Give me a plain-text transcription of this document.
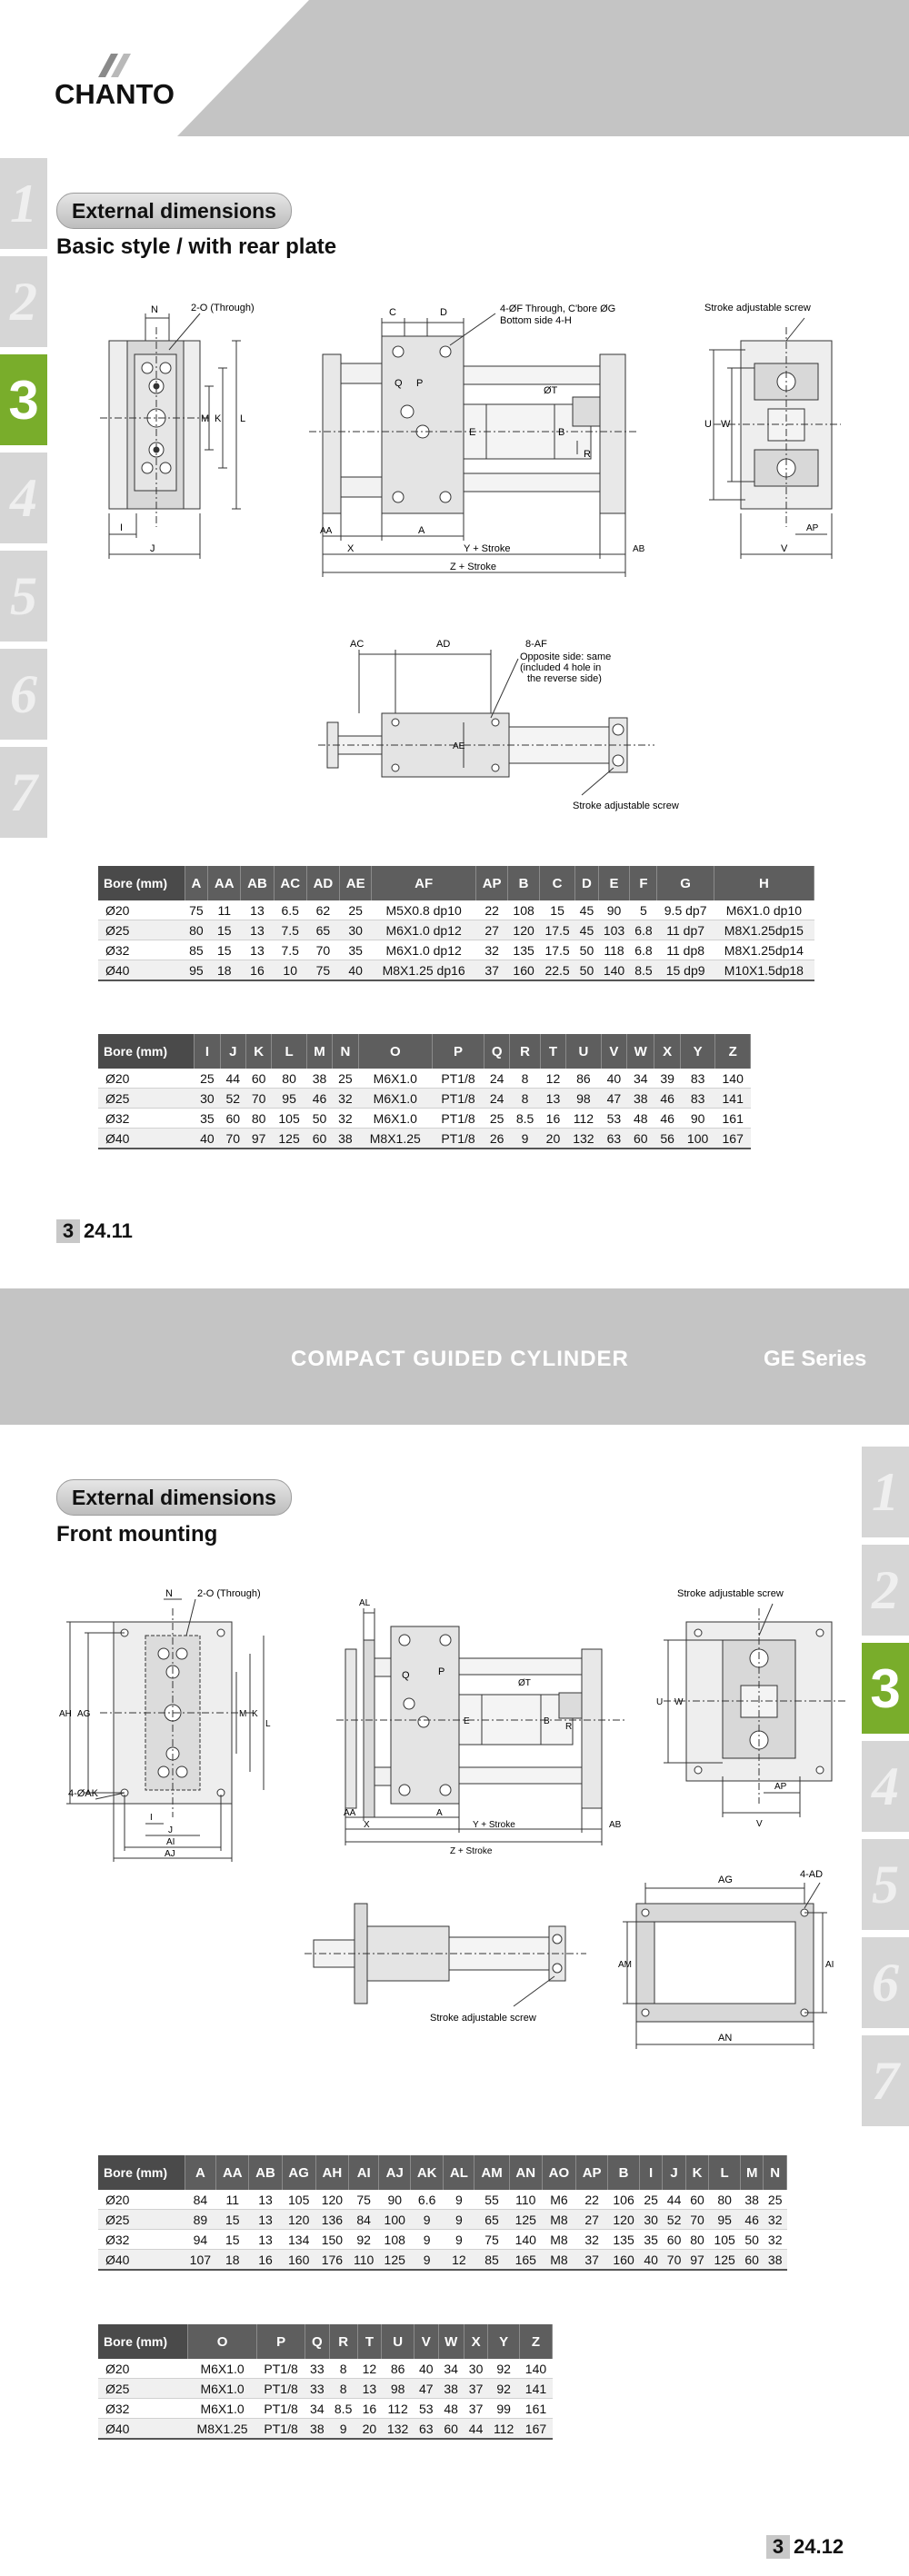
CHANTO
1
2
3
4
5
6
7
External dimensions
Basic style / with rear plate
N	2-O (Through)
M K L
I
J
C	D	4-ØF Through, C'bore ØG
Bottom side 4-H
Q P
E	B
ØT
R
AA	A
X	Y + Stroke	AB
Z + Stroke
Stroke adjustable screw
U W
AP
V
AC	AD	8-AF
Opposite side: same
(included 4 hole in
the reverse side)
AE
Stroke adjustable screw
Bore (mm)	A	AA	AB	AC	AD	AE	AF	AP	B	C	D	E	F	G	H
Ø20	75	11	13	6.5	62	25	M5X0.8 dp10	22	108	15	45	90	5	9.5 dp7	M6X1.0 dp10
Ø25	80	15	13	7.5	65	30	M6X1.0 dp12	27	120	17.5	45	103	6.8	11 dp7	M8X1.25dp15
Ø32	85	15	13	7.5	70	35	M6X1.0 dp12	32	135	17.5	50	118	6.8	11 dp8	M8X1.25dp14
Ø40	95	18	16	10	75	40	M8X1.25 dp16	37	160	22.5	50	140	8.5	15 dp9	M10X1.5dp18
Bore (mm)	I	J	K	L	M	N	O	P	Q	R	T	U	V	W	X	Y	Z
Ø20	25	44	60	80	38	25	M6X1.0	PT1/8	24	8	12	86	40	34	39	83	140
Ø25	30	52	70	95	46	32	M6X1.0	PT1/8	24	8	13	98	47	38	46	83	141
Ø32	35	60	80	105	50	32	M6X1.0	PT1/8	25	8.5	16	112	53	48	46	90	161
Ø40	40	70	97	125	60	38	M8X1.25	PT1/8	26	9	20	132	63	60	56	100	167
3 24.11
COMPACT GUIDED CYLINDER	GE Series
1
2
3
4
5
6
7
External dimensions
Front mounting
N 2-O (Through)
AH AG	M K
L
4-ØAK
I
J
AI
AJ
AL
Q	P
E
ØT
B
R
AA
X
A
Y + Stroke	AB
Z + Stroke
Stroke adjustable screw
U W
AP
V
Stroke adjustable screw
AG	4-AD
AM	AI
AN
Bore (mm)	A	AA	AB	AG	AH	AI	AJ	AK	AL	AM	AN	AO	AP	B	I	J	K	L	M	N
Ø20	84	11	13	105	120	75	90	6.6	9	55	110	M6	22	106	25	44	60	80	38	25
Ø25	89	15	13	120	136	84	100	9	9	65	125	M8	27	120	30	52	70	95	46	32
Ø32	94	15	13	134	150	92	108	9	9	75	140	M8	32	135	35	60	80	105	50	32
Ø40	107	18	16	160	176	110	125	9	12	85	165	M8	37	160	40	70	97	125	60	38
Bore (mm)	O	P	Q	R	T	U	V	W	X	Y	Z
Ø20	M6X1.0	PT1/8	33	8	12	86	40	34	30	92	140
Ø25	M6X1.0	PT1/8	33	8	13	98	47	38	37	92	141
Ø32	M6X1.0	PT1/8	34	8.5	16	112	53	48	37	99	161
Ø40	M8X1.25	PT1/8	38	9	20	132	63	60	44	112	167
3 24.12
